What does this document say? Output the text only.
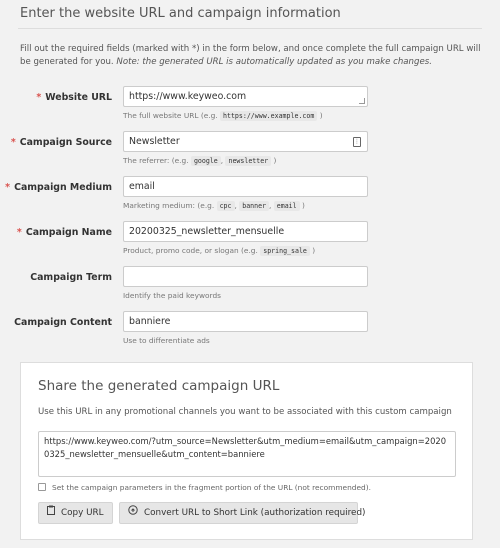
Enter the website URL and campaign information
Fill out the required fields (marked with *) in the form below, and once complete the full campaign URL will be generated for you. Note: the generated URL is automatically updated as you make changes.
* Website URL	https://www.keyweo.com
The full website URL (e.g. https://www.example.com )
* Campaign Source	Newsletter	⋮
The referrer: (e.g. google , newsletter )
* Campaign Medium	email
Marketing medium: (e.g. cpc , banner , email )
* Campaign Name	20200325_newsletter_mensuelle
Product, promo code, or slogan (e.g. spring_sale )
Campaign Term
Identify the paid keywords
Campaign Content	banniere
Use to differentiate ads
Share the generated campaign URL
Use this URL in any promotional channels you want to be associated with this custom campaign
https://www.keyweo.com/?utm_source=Newsletter&utm_medium=email&utm_campaign=20200325_newsletter_mensuelle&utm_content=banniere
Set the campaign parameters in the fragment portion of the URL (not recommended).
Copy URL	Convert URL to Short Link (authorization required)
